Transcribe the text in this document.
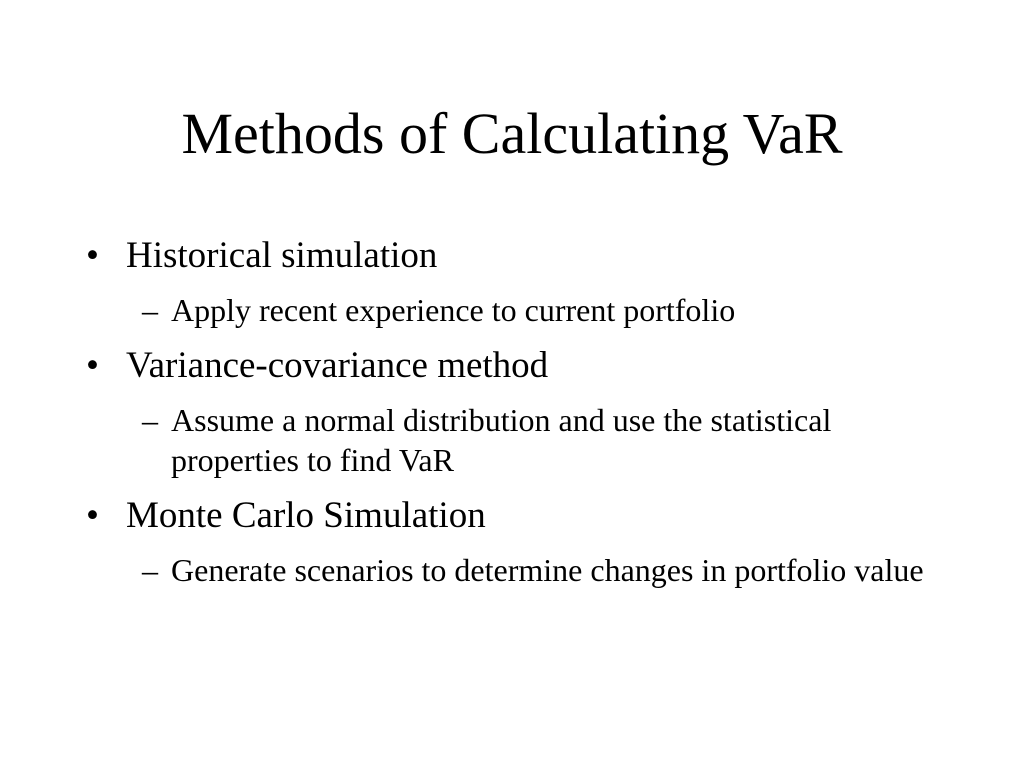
Methods of Calculating VaR
• Historical simulation
– Apply recent experience to current portfolio
• Variance-covariance method
– Assume a normal distribution and use the statistical properties to find VaR
• Monte Carlo Simulation
– Generate scenarios to determine changes in portfolio value
